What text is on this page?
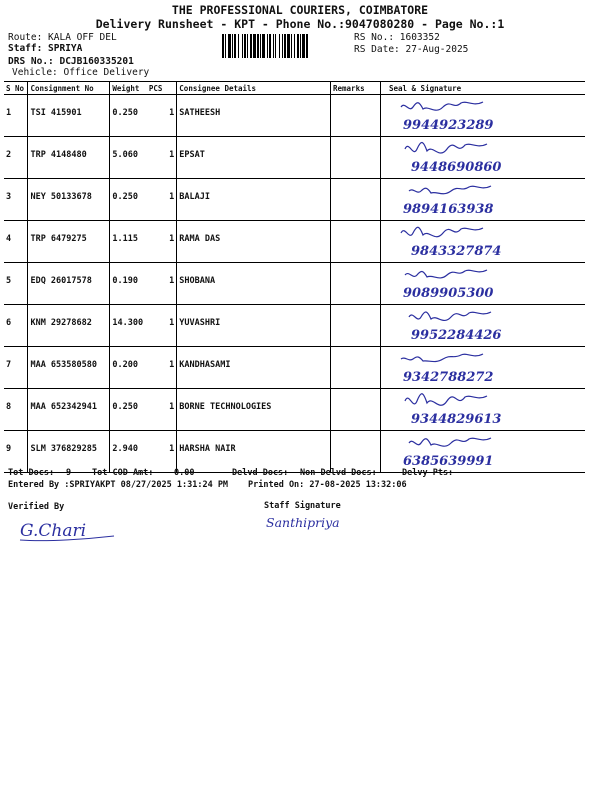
THE PROFESSIONAL COURIERS, COIMBATORE
Delivery Runsheet - KPT - Phone No.:9047080280 - Page No.:1
Route: KALA OFF DEL
Staff: SPRIYA
DRS No.: DCJB160335201
Vehicle: Office Delivery
RS No.: 1603352
RS Date: 27-Aug-2025
S No	Consignment No	Weight	PCS	Consignee Details	Remarks	Seal & Signature

1	TSI 415901	0.250	1	SATHEESH		9944923289

2	TRP 4148480	5.060	1	EPSAT		9448690860

3	NEY 50133678	0.250	1	BALAJI		9894163938

4	TRP 6479275	1.115	1	RAMA DAS		9843327874

5	EDQ 26017578	0.190	1	SHOBANA		9089905300

6	KNM 29278682	14.300	1	YUVASHRI		9952284426

7	MAA 653580580	0.200	1	KANDHASAMI		9342788272

8	MAA 652342941	0.250	1	BORNE TECHNOLOGIES		9344829613

9	SLM 376829285	2.940	1	HARSHA NAIR		6385639991
Tot Docs: 9 Tot COD Amt: 0.00	Delvd Docs: Non Delvd Docs:	Delvy Pts:
Entered By :SPRIYAKPT 08/27/2025 1:31:24 PM Printed On: 27-08-2025 13:32:06
Verified By	Staff Signature
G.Chari	Santhipriya
